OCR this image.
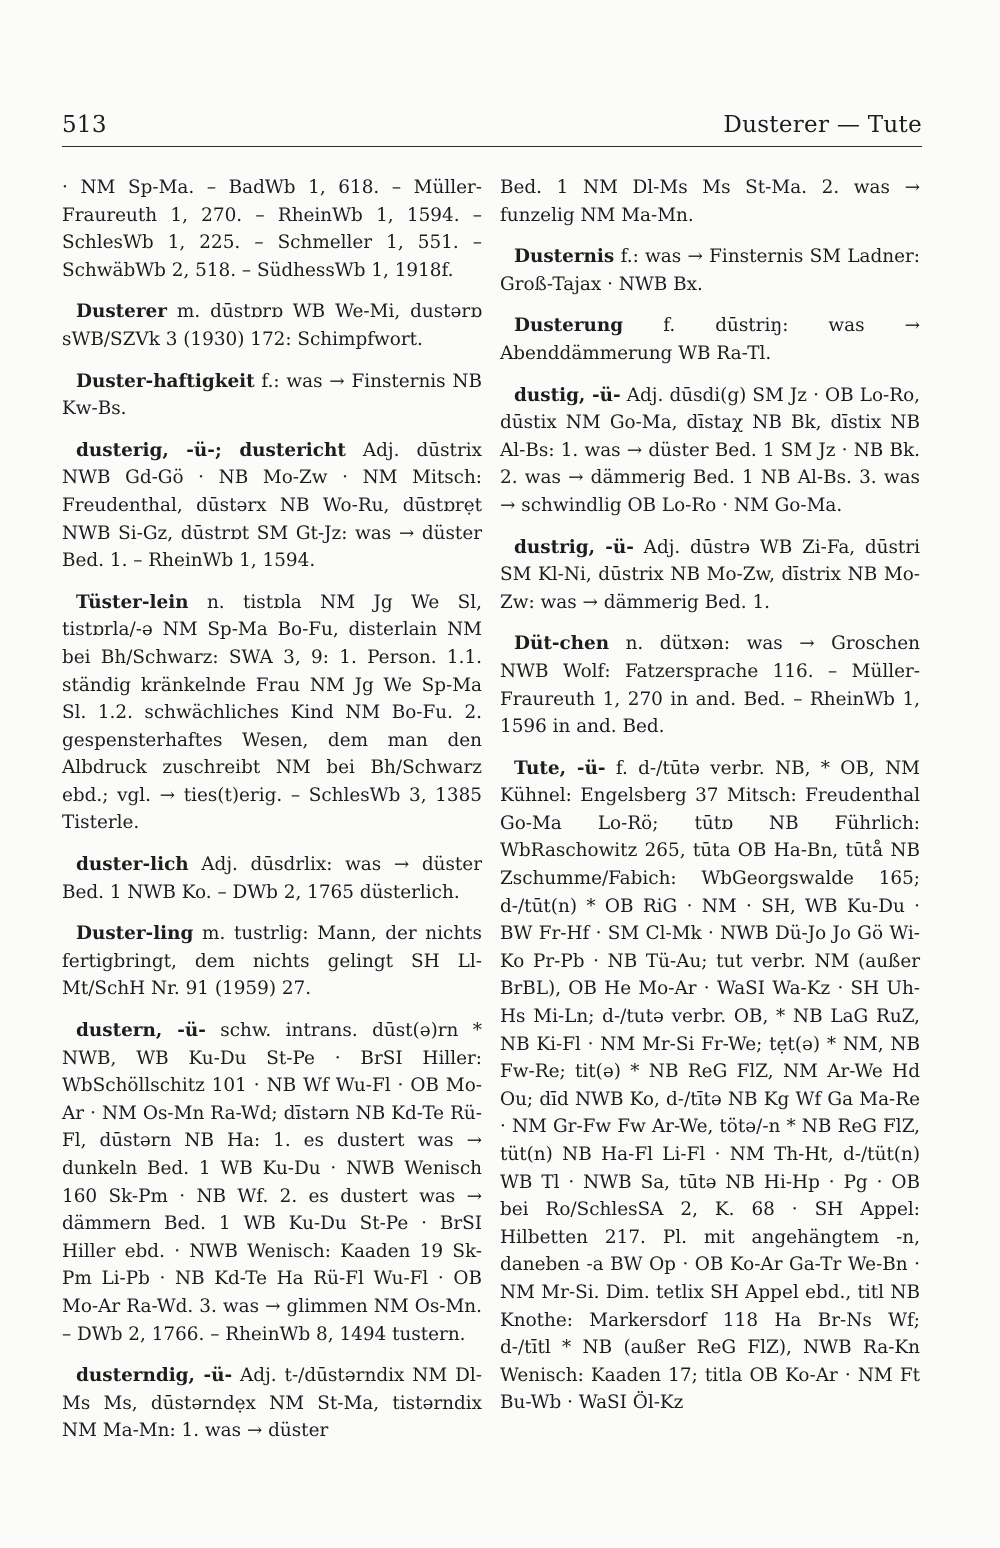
513	Dusterer — Tute

· NM Sp-Ma. – BadWb 1, 618. – Müller-Fraureuth 1, 270. – RheinWb 1, 1594. – SchlesWb 1, 225. – Schmeller 1, 551. – SchwäbWb 2, 518. – SüdhessWb 1, 1918f.

Dusterer m. dūstɒrɒ WB We-Mi, dustərɒ sWB/SZVk 3 (1930) 172: Schimpfwort.

Duster-haftigkeit f.: was → Finsternis NB Kw-Bs.

dusterig, -ü-; dustericht Adj. dūstrix NWB Gd-Gö · NB Mo-Zw · NM Mitsch: Freudenthal, dūstərx NB Wo-Ru, dūstɒrẹt NWB Si-Gz, dūstrɒt SM Gt-Jz: was → düster Bed. 1. – RheinWb 1, 1594.

Tüster-lein n. tistɒla NM Jg We Sl, tistɒrla/-ə NM Sp-Ma Bo-Fu, disterlain NM bei Bh/Schwarz: SWA 3, 9: 1. Person. 1.1. ständig kränkelnde Frau NM Jg We Sp-Ma Sl. 1.2. schwächliches Kind NM Bo-Fu. 2. gespensterhaftes Wesen, dem man den Albdruck zuschreibt NM bei Bh/Schwarz ebd.; vgl. → ties(t)erig. – SchlesWb 3, 1385 Tisterle.

duster-lich Adj. dūsdrlix: was → düster Bed. 1 NWB Ko. – DWb 2, 1765 düsterlich.

Duster-ling m. tustrlig: Mann, der nichts fertigbringt, dem nichts gelingt SH Ll-Mt/SchH Nr. 91 (1959) 27.

dustern, -ü- schw. intrans. dūst(ə)rn * NWB, WB Ku-Du St-Pe · BrSI Hiller: WbSchöllschitz 101 · NB Wf Wu-Fl · OB Mo-Ar · NM Os-Mn Ra-Wd; dīstərn NB Kd-Te Rü-Fl, dūstərn NB Ha: 1. es dustert was → dunkeln Bed. 1 WB Ku-Du · NWB Wenisch 160 Sk-Pm · NB Wf. 2. es dustert was → dämmern Bed. 1 WB Ku-Du St-Pe · BrSI Hiller ebd. · NWB Wenisch: Kaaden 19 Sk-Pm Li-Pb · NB Kd-Te Ha Rü-Fl Wu-Fl · OB Mo-Ar Ra-Wd. 3. was → glimmen NM Os-Mn. – DWb 2, 1766. – RheinWb 8, 1494 tustern.

dusterndig, -ü- Adj. t-/dūstərndix NM Dl-Ms Ms, dūstərndẹx NM St-Ma, tistərndix NM Ma-Mn: 1. was → düster

Bed. 1 NM Dl-Ms Ms St-Ma. 2. was → funzelig NM Ma-Mn.

Dusternis f.: was → Finsternis SM Ladner: Groß-Tajax · NWB Bx.

Dusterung f. dūstriŋ: was → Abenddämmerung WB Ra-Tl.

dustig, -ü- Adj. dūsdi(g) SM Jz · OB Lo-Ro, dūstix NM Go-Ma, dīstaχ NB Bk, dīstix NB Al-Bs: 1. was → düster Bed. 1 SM Jz · NB Bk. 2. was → dämmerig Bed. 1 NB Al-Bs. 3. was → schwindlig OB Lo-Ro · NM Go-Ma.

dustrig, -ü- Adj. dūstrə WB Zi-Fa, dūstri SM Kl-Ni, dūstrix NB Mo-Zw, dīstrix NB Mo-Zw: was → dämmerig Bed. 1.

Düt-chen n. dütxən: was → Groschen NWB Wolf: Fatzersprache 116. – Müller-Fraureuth 1, 270 in and. Bed. – RheinWb 1, 1596 in and. Bed.

Tute, -ü- f. d-/tūtə verbr. NB, * OB, NM Kühnel: Engelsberg 37 Mitsch: Freudenthal Go-Ma Lo-Rö; tūtɒ NB Führlich: WbRaschowitz 265, tūta OB Ha-Bn, tūtå NB Zschumme/Fabich: WbGeorgswalde 165; d-/tūt(n) * OB RiG · NM · SH, WB Ku-Du · BW Fr-Hf · SM Cl-Mk · NWB Dü-Jo Jo Gö Wi-Ko Pr-Pb · NB Tü-Au; tut verbr. NM (außer BrBL), OB He Mo-Ar · WaSI Wa-Kz · SH Uh-Hs Mi-Ln; d-/tutə verbr. OB, * NB LaG RuZ, NB Ki-Fl · NM Mr-Si Fr-We; tẹt(ə) * NM, NB Fw-Re; tit(ə) * NB ReG FlZ, NM Ar-We Hd Ou; dīd NWB Ko, d-/tītə NB Kg Wf Ga Ma-Re · NM Gr-Fw Fw Ar-We, tötə/-n * NB ReG FlZ, tüt(n) NB Ha-Fl Li-Fl · NM Th-Ht, d-/tüt(n) WB Tl · NWB Sa, tūtə NB Hi-Hp · Pg · OB bei Ro/SchlesSA 2, K. 68 · SH Appel: Hilbetten 217. Pl. mit angehängtem -n, daneben -a BW Op · OB Ko-Ar Ga-Tr We-Bn · NM Mr-Si. Dim. tetlix SH Appel ebd., titl NB Knothe: Markersdorf 118 Ha Br-Ns Wf; d-/tītl * NB (außer ReG FlZ), NWB Ra-Kn Wenisch: Kaaden 17; titla OB Ko-Ar · NM Ft Bu-Wb · WaSI Öl-Kz
